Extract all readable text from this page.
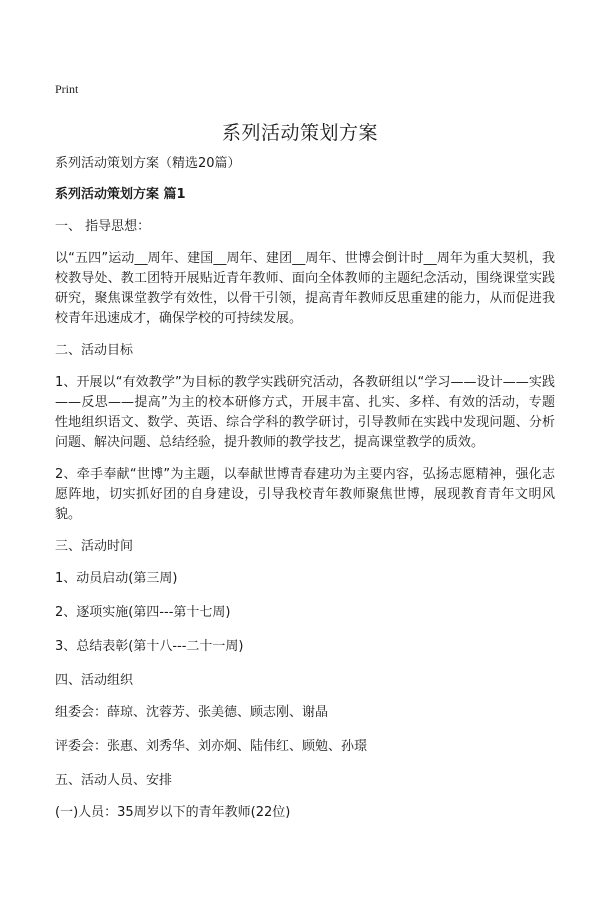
Print
系列活动策划方案

系列活动策划方案（精选20篇）

系列活动策划方案 篇1

一、 指导思想：

以“五四”运动__周年、建国__周年、建团__周年、世博会倒计时__周年为重大契机，我校教导处、教工团特开展贴近青年教师、面向全体教师的主题纪念活动，围绕课堂实践研究，聚焦课堂教学有效性，以骨干引领，提高青年教师反思重建的能力，从而促进我校青年迅速成才，确保学校的可持续发展。

二、活动目标

1、开展以“有效教学”为目标的教学实践研究活动，各教研组以“学习——设计——实践——反思——提高”为主的校本研修方式，开展丰富、扎实、多样、有效的活动，专题性地组织语文、数学、英语、综合学科的教学研讨，引导教师在实践中发现问题、分析问题、解决问题、总结经验，提升教师的教学技艺，提高课堂教学的质效。

2、牵手奉献“世博”为主题，以奉献世博青春建功为主要内容，弘扬志愿精神，强化志愿阵地，切实抓好团的自身建设，引导我校青年教师聚焦世博，展现教育青年文明风貌。

三、活动时间

1、动员启动(第三周)

2、逐项实施(第四---第十七周)

3、总结表彰(第十八---二十一周)

四、活动组织

组委会：薛琼、沈蓉芳、张美德、顾志刚、谢晶

评委会：张惠、刘秀华、刘亦炯、陆伟红、顾勉、孙璟

五、活动人员、安排

(一)人员：35周岁以下的青年教师(22位)
